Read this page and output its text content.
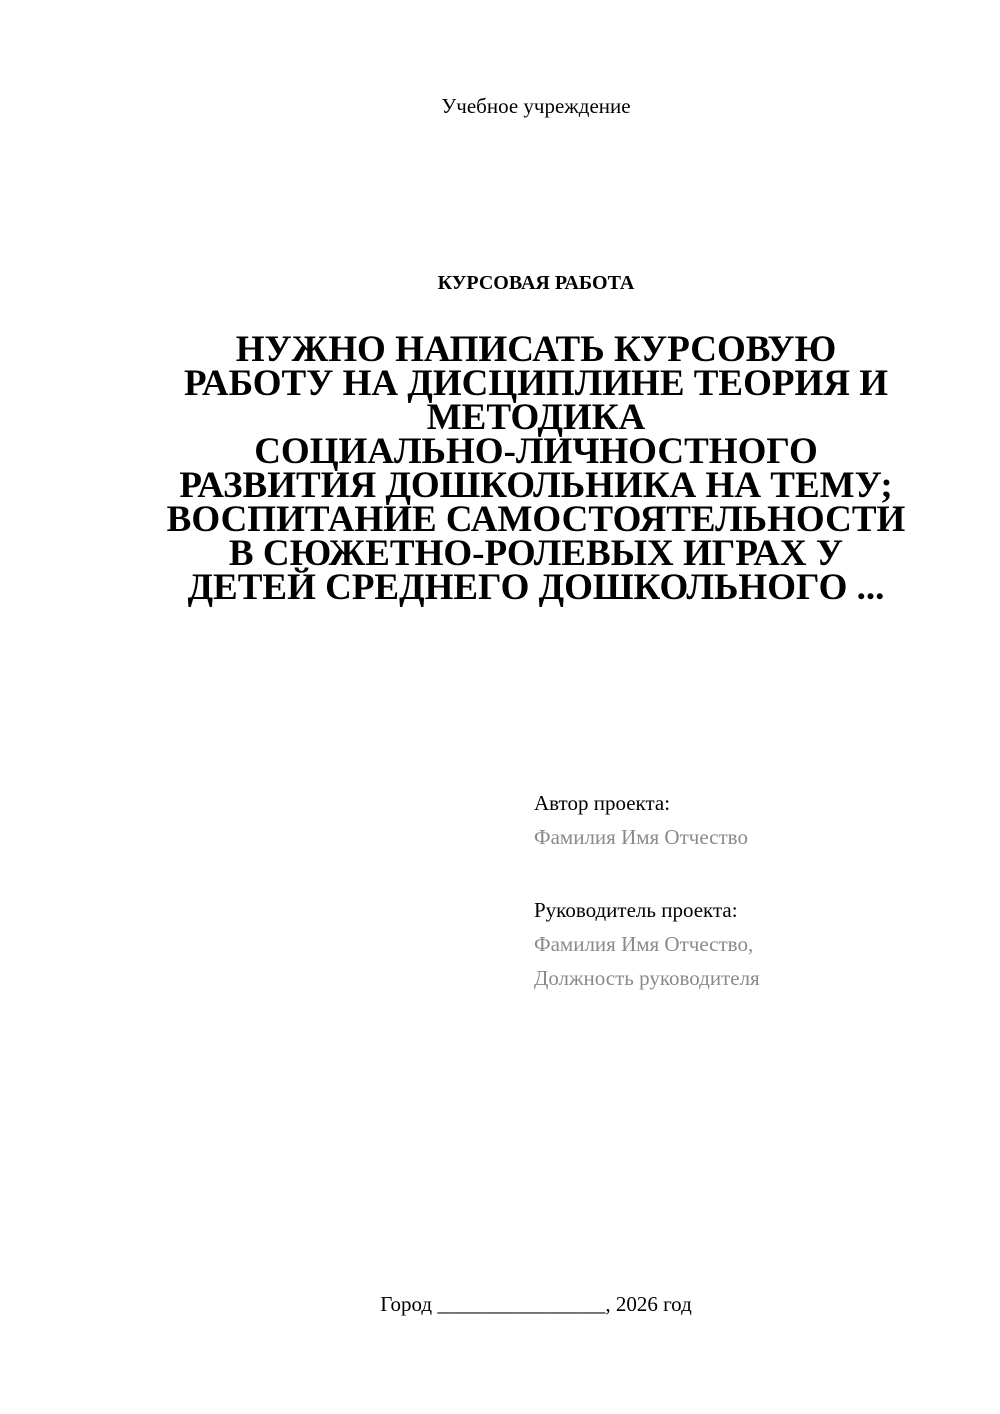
Учебное учреждение
КУРСОВАЯ РАБОТА
НУЖНО НАПИСАТЬ КУРСОВУЮ
РАБОТУ НА ДИСЦИПЛИНЕ ТЕОРИЯ И
МЕТОДИКА
СОЦИАЛЬНО-ЛИЧНОСТНОГО
РАЗВИТИЯ ДОШКОЛЬНИКА НА ТЕМУ;
ВОСПИТАНИЕ САМОСТОЯТЕЛЬНОСТИ
В СЮЖЕТНО-РОЛЕВЫХ ИГРАХ У
ДЕТЕЙ СРЕДНЕГО ДОШКОЛЬНОГО ...
Автор проекта:
Фамилия Имя Отчество
Руководитель проекта:
Фамилия Имя Отчество,
Должность руководителя
Город ________________, 2026 год
